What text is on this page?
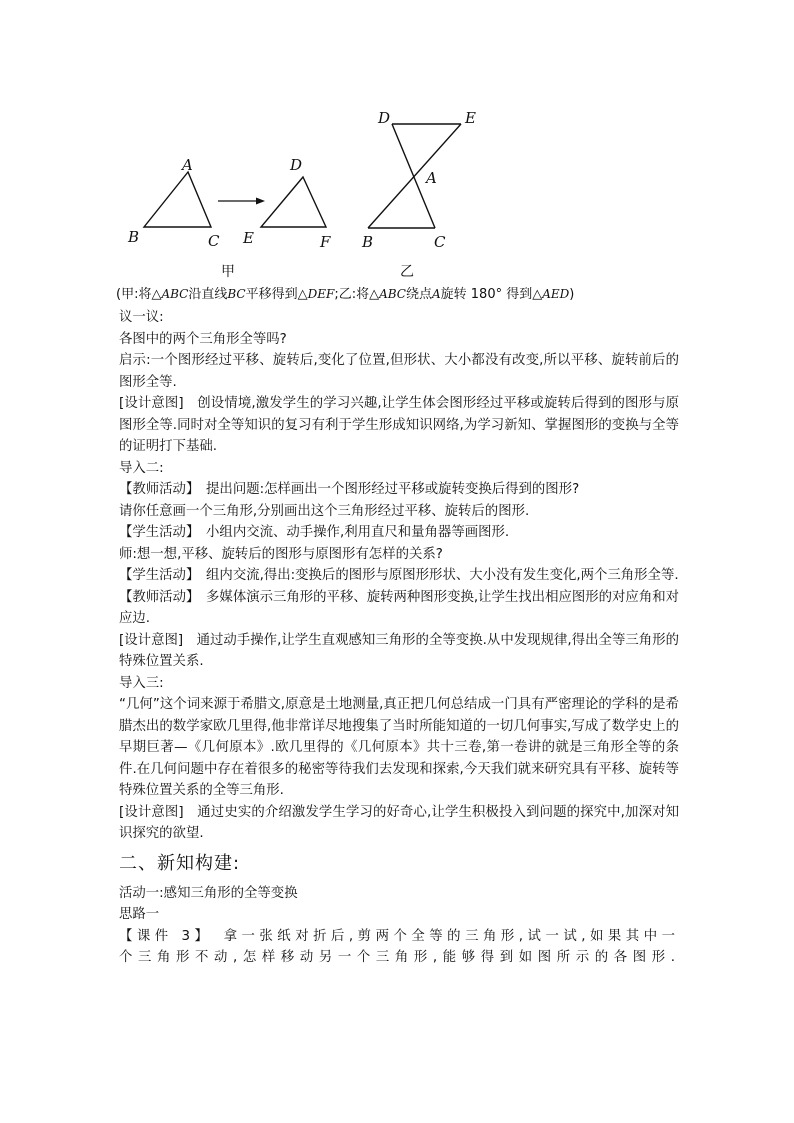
A
B	C
D
E	F
D	E
A
B	C
甲	乙
(甲:将△ABC沿直线BC平移得到△DEF;乙:将△ABC绕点A旋转 180° 得到△AED)

议一议:

各图中的两个三角形全等吗?

启示:一个图形经过平移、旋转后,变化了位置,但形状、大小都没有改变,所以平移、旋转前后的图形全等.

[设计意图]　创设情境,激发学生的学习兴趣,让学生体会图形经过平移或旋转后得到的图形与原图形全等.同时对全等知识的复习有利于学生形成知识网络,为学习新知、掌握图形的变换与全等的证明打下基础.

导入二:

【教师活动】　提出问题:怎样画出一个图形经过平移或旋转变换后得到的图形?

请你任意画一个三角形,分别画出这个三角形经过平移、旋转后的图形.

【学生活动】　小组内交流、动手操作,利用直尺和量角器等画图形.

师:想一想,平移、旋转后的图形与原图形有怎样的关系?

【学生活动】　组内交流,得出:变换后的图形与原图形形状、大小没有发生变化,两个三角形全等.

【教师活动】　多媒体演示三角形的平移、旋转两种图形变换,让学生找出相应图形的对应角和对应边.

[设计意图]　通过动手操作,让学生直观感知三角形的全等变换.从中发现规律,得出全等三角形的特殊位置关系.

导入三:

“几何”这个词来源于希腊文,原意是土地测量,真正把几何总结成一门具有严密理论的学科的是希腊杰出的数学家欧几里得,他非常详尽地搜集了当时所能知道的一切几何事实,写成了数学史上的早期巨著—《几何原本》.欧几里得的《几何原本》共十三卷,第一卷讲的就是三角形全等的条件.在几何问题中存在着很多的秘密等待我们去发现和探索,今天我们就来研究具有平移、旋转等特殊位置关系的全等三角形.

[设计意图]　通过史实的介绍激发学生学习的好奇心,让学生积极投入到问题的探究中,加深对知识探究的欲望.

二、新知构建:

活动一:感知三角形的全等变换

思路一

【课件 3】　拿一张纸对折后,剪两个全等的三角形,试一试,如果其中一个三角形不动,怎样移动另一个三角形,能够得到如图所示的各图形.
